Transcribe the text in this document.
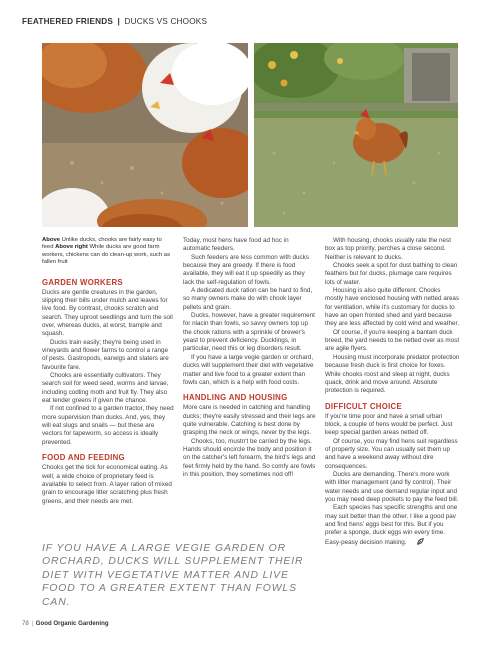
FEATHERED FRIENDS | DUCKS VS CHOOKS
Above Unlike ducks, chooks are fairly easy to feed Above right While ducks are good farm workers, chickens can do clean-up work, such as fallen fruit
GARDEN WORKERS

Ducks are gentle creatures in the garden, slipping their bills under mulch and leaves for live food. By contrast, chooks scratch and search. They uproot seedlings and turn the soil over, whereas ducks, at worst, trample and squash.

Ducks train easily; they're being used in vineyards and flower farms to control a range of pests. Gastropods, earwigs and slaters are favourite fare.

Chooks are essentially cultivators. They search soil for weed seed, worms and larvae, including codling moth and fruit fly. They also eat tender greens if given the chance.

If not confined to a garden tractor, they need more supervision than ducks. And, yes, they will eat slugs and snails — but these are vectors for tapeworm, so access is ideally prevented.

FOOD AND FEEDING

Chooks get the tick for economical eating. As well, a wide choice of proprietary feed is available to select from. A layer ration of mixed grain to encourage litter scratching plus fresh greens, and their needs are met.

Today, most hens have food ad hoc in automatic feeders.

Such feeders are less common with ducks because they are greedy. If there is food available, they will eat it up speedily as they lack the self-regulation of fowls.

A dedicated duck ration can be hard to find, so many owners make do with chook layer pellets and grain.

Ducks, however, have a greater requirement for niacin than fowls, so savvy owners top up the chook rations with a sprinkle of brewer's yeast to prevent deficiency. Ducklings, in particular, need this or leg disorders result.

If you have a large vegie garden or orchard, ducks will supplement their diet with vegetative matter and live food to a greater extent than fowls can, which is a help with food costs.

HANDLING AND HOUSING

More care is needed in catching and handling ducks; they're easily stressed and their legs are quite vulnerable. Catching is best done by grasping the neck or wings, never by the legs.

Chooks, too, mustn't be carried by the legs. Hands should encircle the body and position it on the catcher's left forearm, the bird's legs and feet firmly held by the hand. So comfy are fowls in this position, they sometimes nod off!

With housing, chooks usually rate the nest box as top priority, perches a close second. Neither is relevant to ducks.

Chooks seek a spot for dust bathing to clean feathers but for ducks, plumage care requires lots of water.

Housing is also quite different. Chooks mostly have enclosed housing with netted areas for ventilation, while it's customary for ducks to have an open fronted shed and yard because they are less affected by cold wind and weather.

Of course, if you're keeping a bantam duck breed, the yard needs to be netted over as most are agile flyers.

Housing must incorporate predator protection because fresh duck is first choice for foxes. While chooks roost and sleep at night, ducks quack, drink and move around. Absolute protection is required.

DIFFICULT CHOICE

If you're time poor and have a small urban block, a couple of hens would be perfect. Just keep special garden areas netted off.

Of course, you may find hens suit regardless of property size. You can usually set them up and have a weekend away without dire consequences.

Ducks are demanding. There's more work with litter management (and fly control). Their water needs and use demand regular input and you may need deep pockets to pay the feed bill.

Each species has specific strengths and one may suit better than the other. I like a good pav and find hens' eggs best for this. But if you prefer a sponge, duck eggs win every time. Easy-peasy decision making.

IF YOU HAVE A LARGE VEGIE GARDEN OR ORCHARD, DUCKS WILL SUPPLEMENT THEIR DIET WITH VEGETATIVE MATTER AND LIVE FOOD TO A GREATER EXTENT THAN FOWLS CAN.
78 | Good Organic Gardening
